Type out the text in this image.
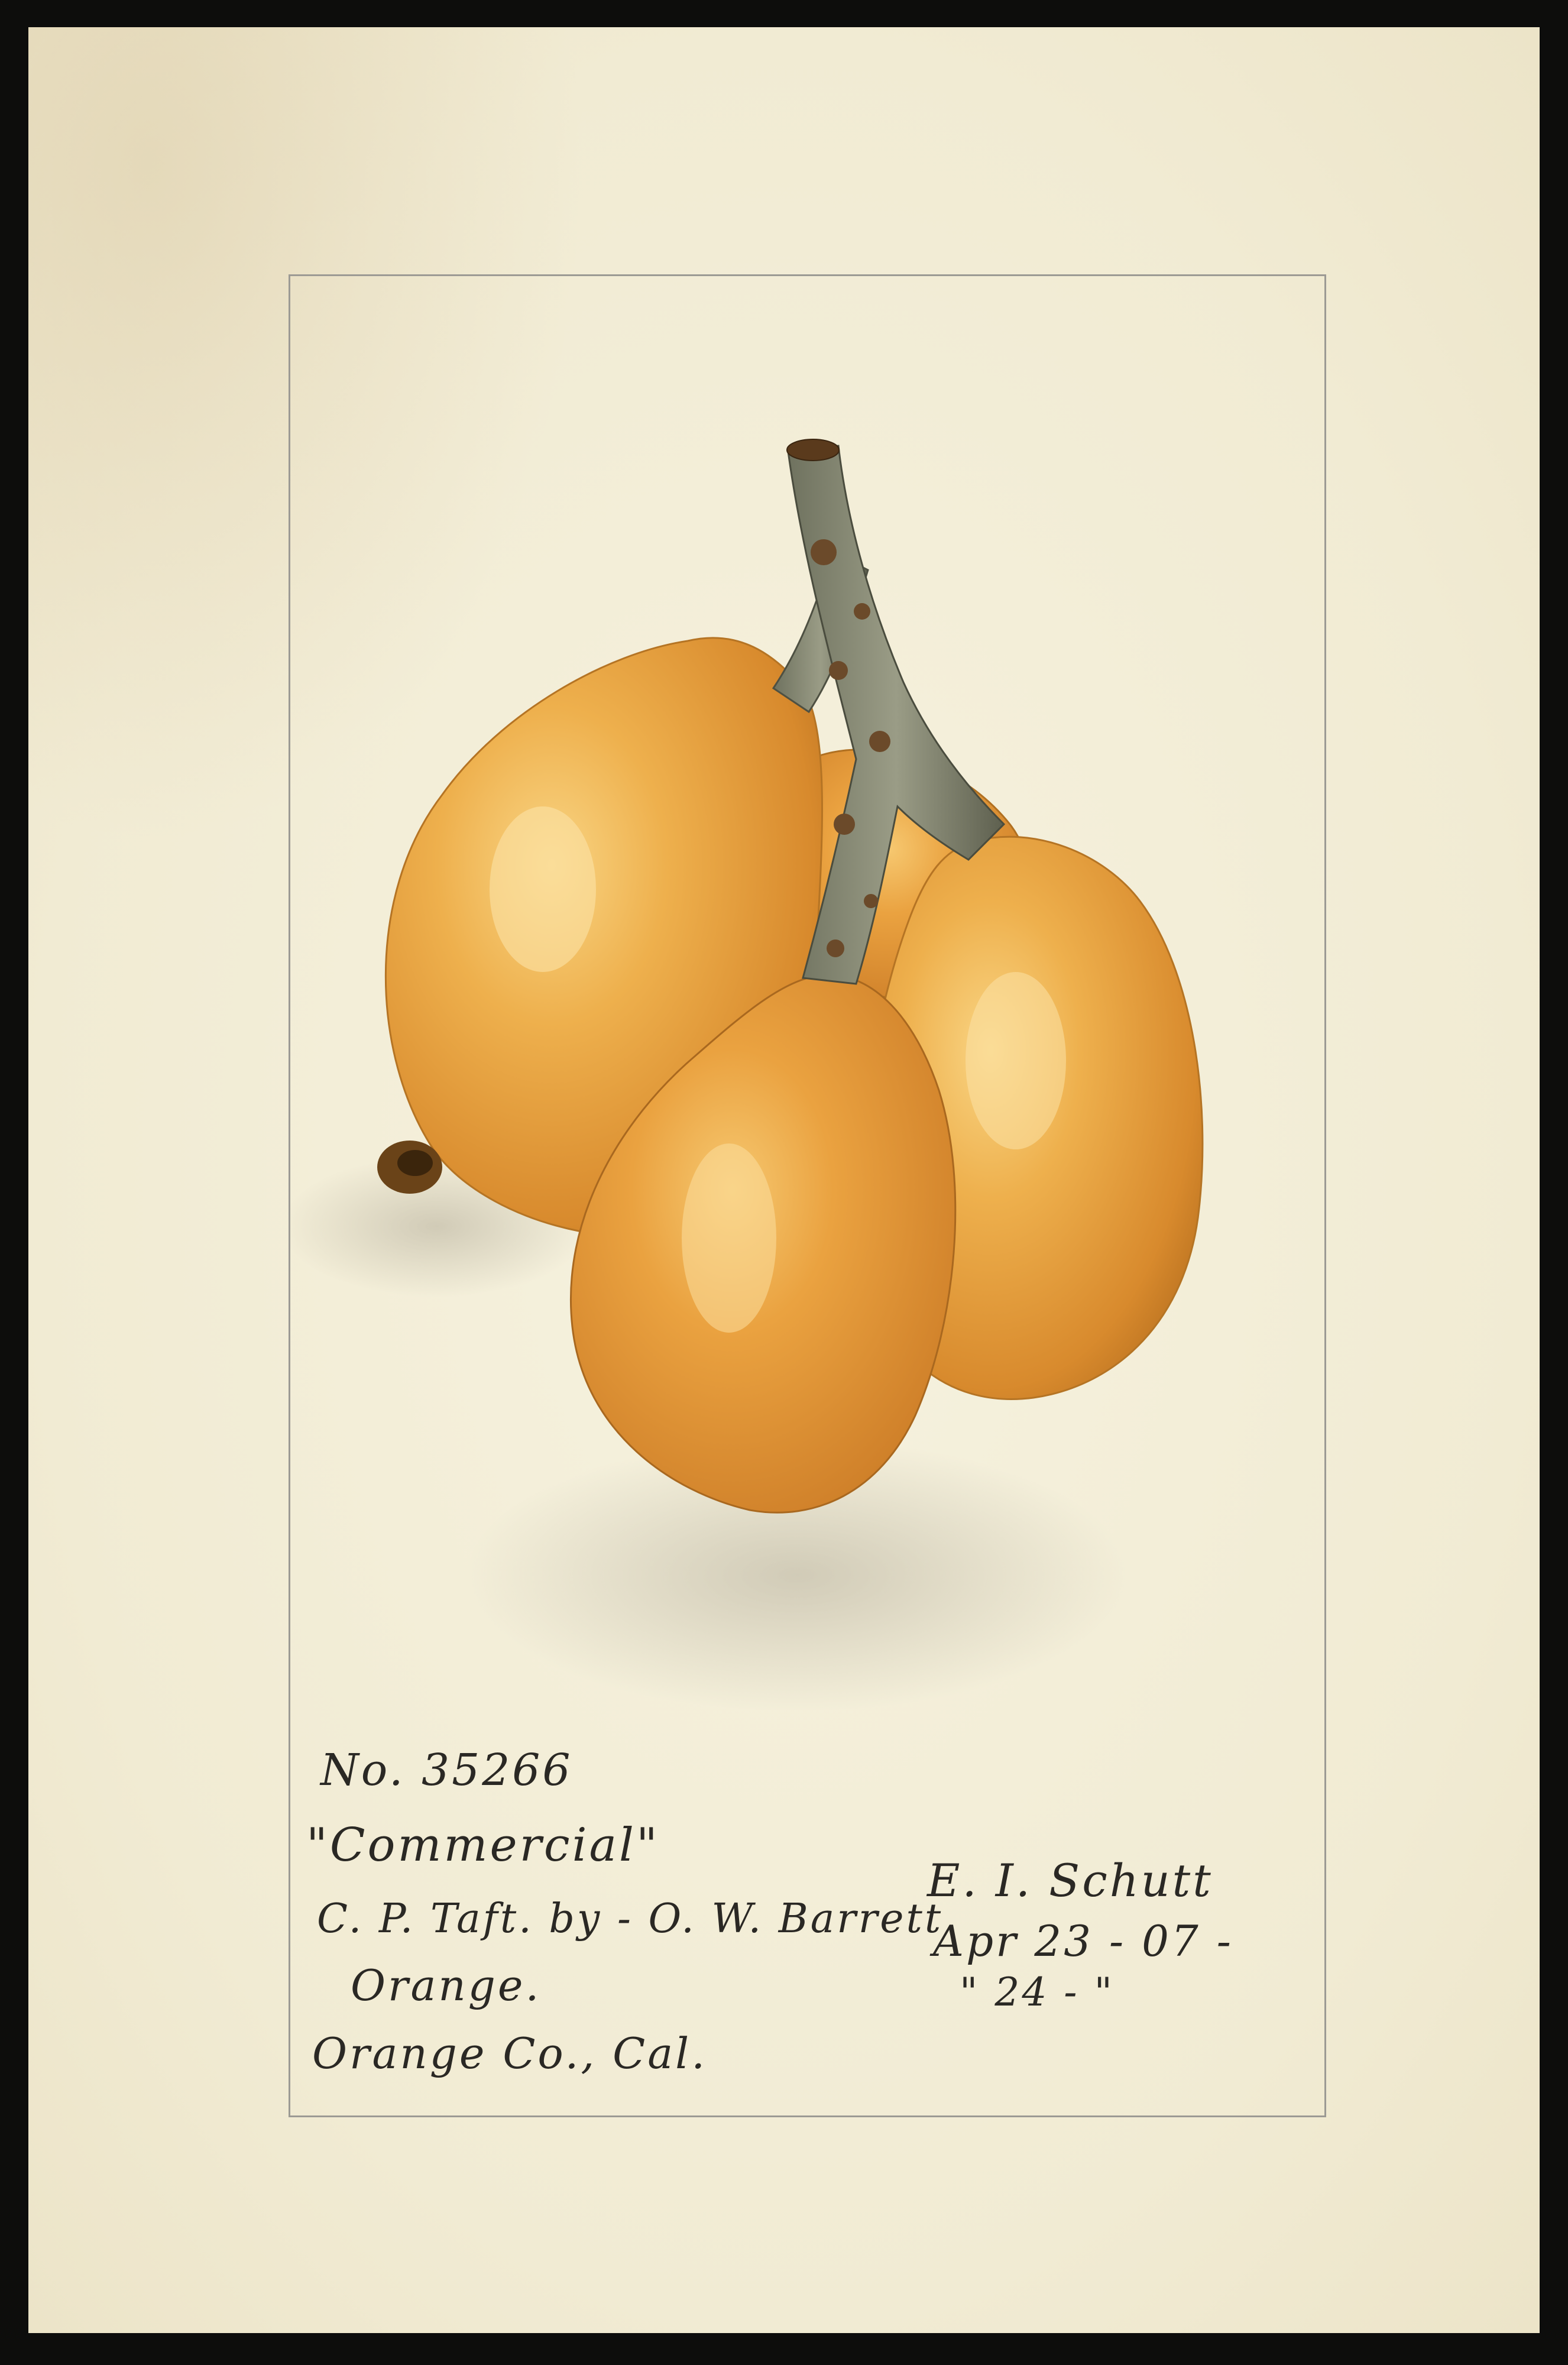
No. 35266
"Commercial"
C. P. Taft. by - O. W. Barrett
Orange.
Orange Co., Cal.
E. I. Schutt
Apr 23 - 07 -
" 24 - "
